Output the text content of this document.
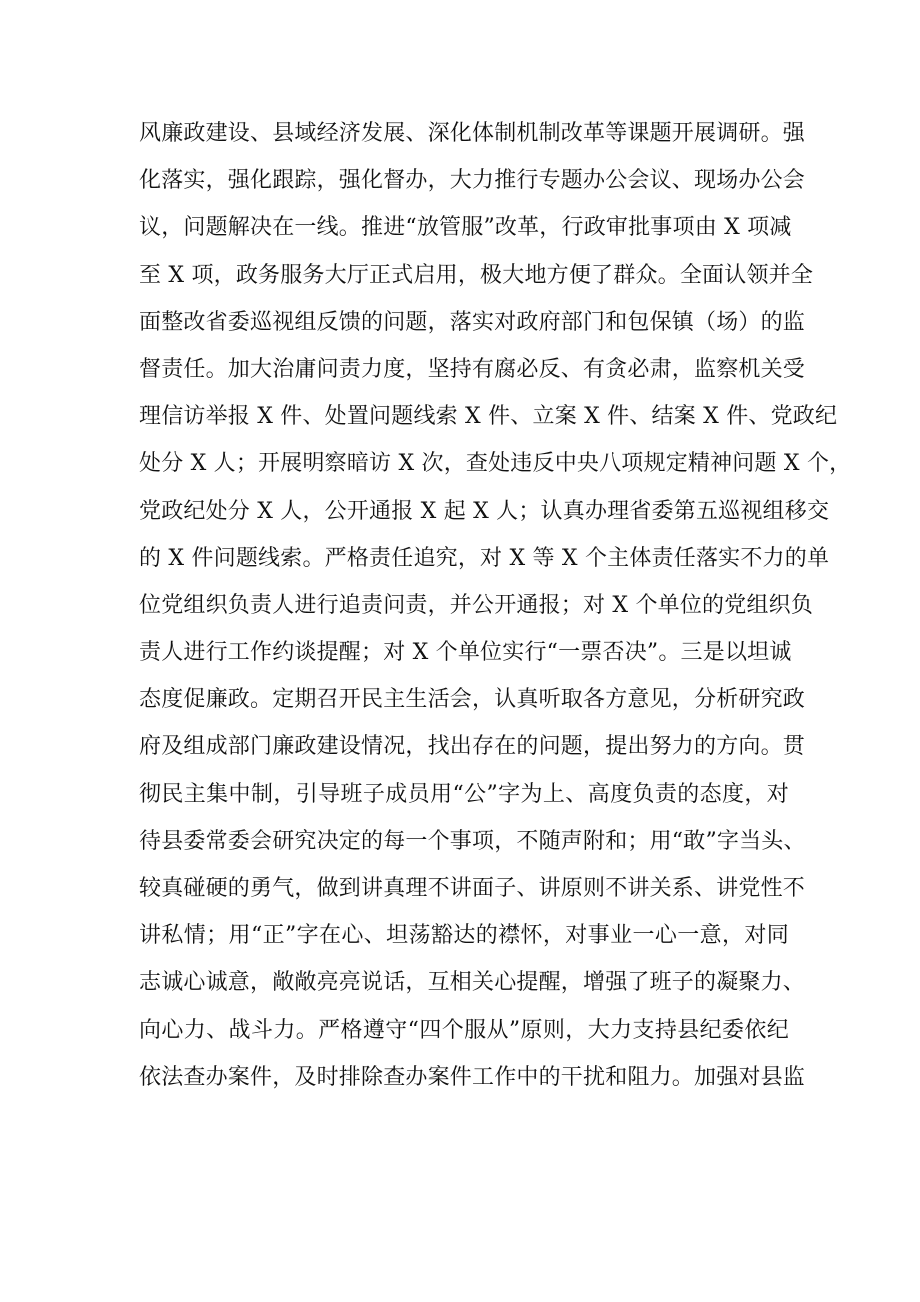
风廉政建设、县域经济发展、深化体制机制改革等课题开展调研。强
化落实，强化跟踪，强化督办，大力推行专题办公会议、现场办公会
议，问题解决在一线。推进“放管服”改革，行政审批事项由 X 项减
至 X 项，政务服务大厅正式启用，极大地方便了群众。全面认领并全
面整改省委巡视组反馈的问题，落实对政府部门和包保镇（场）的监
督责任。加大治庸问责力度，坚持有腐必反、有贪必肃，监察机关受
理信访举报 X 件、处置问题线索 X 件、立案 X 件、结案 X 件、党政纪
处分 X 人；开展明察暗访 X 次，查处违反中央八项规定精神问题 X 个，
党政纪处分 X 人，公开通报 X 起 X 人；认真办理省委第五巡视组移交
的 X 件问题线索。严格责任追究，对 X 等 X 个主体责任落实不力的单
位党组织负责人进行追责问责，并公开通报；对 X 个单位的党组织负
责人进行工作约谈提醒；对 X 个单位实行“一票否决”。三是以坦诚
态度促廉政。定期召开民主生活会，认真听取各方意见，分析研究政
府及组成部门廉政建设情况，找出存在的问题，提出努力的方向。贯
彻民主集中制，引导班子成员用“公”字为上、高度负责的态度，对
待县委常委会研究决定的每一个事项，不随声附和；用“敢”字当头、
较真碰硬的勇气，做到讲真理不讲面子、讲原则不讲关系、讲党性不
讲私情；用“正”字在心、坦荡豁达的襟怀，对事业一心一意，对同
志诚心诚意，敞敞亮亮说话，互相关心提醒，增强了班子的凝聚力、
向心力、战斗力。严格遵守“四个服从”原则，大力支持县纪委依纪
依法查办案件，及时排除查办案件工作中的干扰和阻力。加强对县监
